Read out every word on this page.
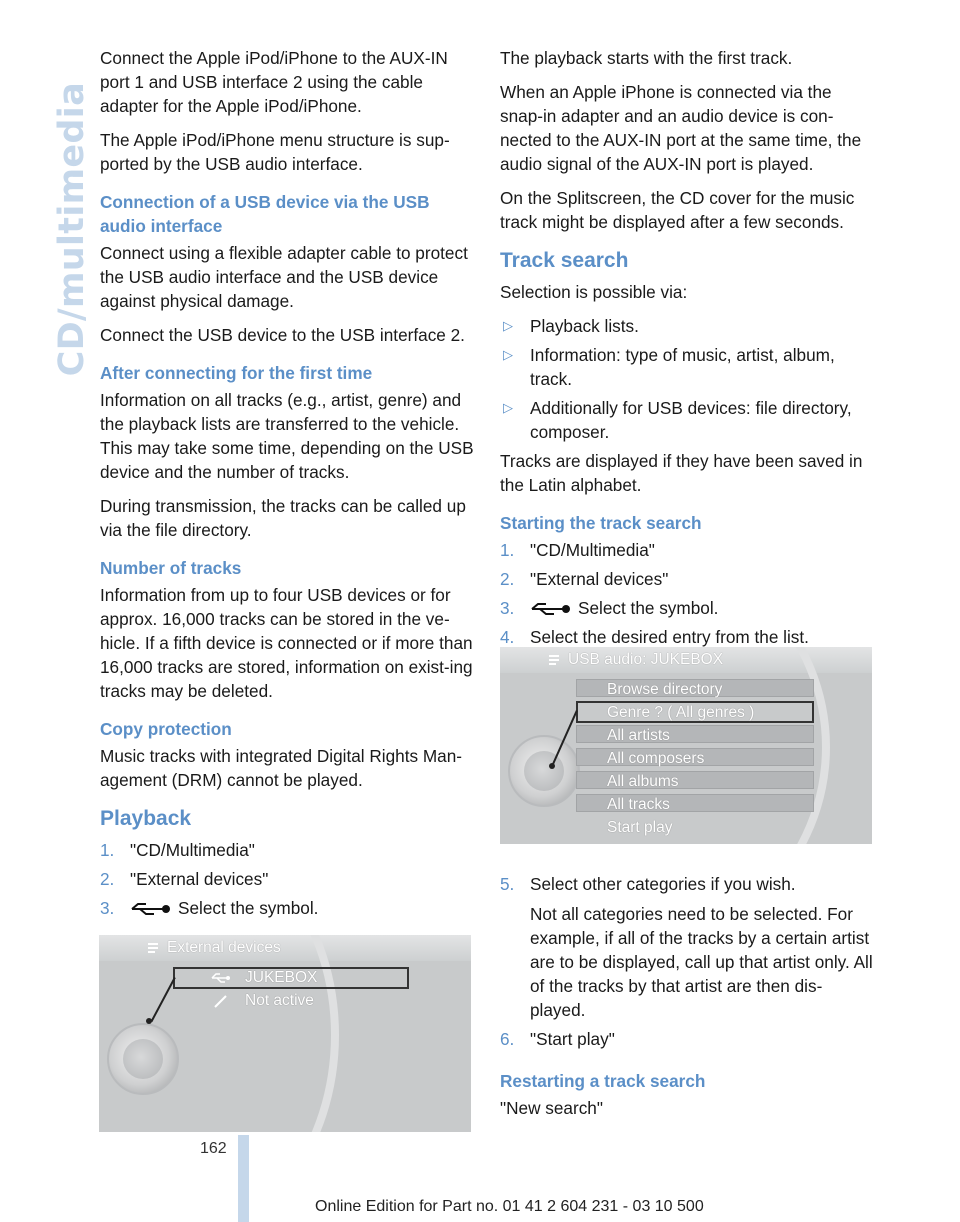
CD/multimedia
Connect the Apple iPod/iPhone to the AUX-IN port 1 and USB interface 2 using the cable adapter for the Apple iPod/iPhone.
The Apple iPod/iPhone menu structure is sup-ported by the USB audio interface.
Connection of a USB device via the USB audio interface
Connect using a flexible adapter cable to protect the USB audio interface and the USB device against physical damage.
Connect the USB device to the USB interface 2.
After connecting for the first time
Information on all tracks (e.g., artist, genre) and the playback lists are transferred to the vehicle. This may take some time, depending on the USB device and the number of tracks.
During transmission, the tracks can be called up via the file directory.
Number of tracks
Information from up to four USB devices or for approx. 16,000 tracks can be stored in the ve-hicle. If a fifth device is connected or if more than 16,000 tracks are stored, information on exist-ing tracks may be deleted.
Copy protection
Music tracks with integrated Digital Rights Man-agement (DRM) cannot be played.
Playback
1. "CD/Multimedia"
2. "External devices"
3.	Select the symbol.
External devices
JUKEBOX
Not active
The playback starts with the first track.
When an Apple iPhone is connected via the snap-in adapter and an audio device is con-nected to the AUX-IN port at the same time, the audio signal of the AUX-IN port is played.
On the Splitscreen, the CD cover for the music track might be displayed after a few seconds.
Track search
Selection is possible via:
▷ Playback lists.
▷ Information: type of music, artist, album, track.
▷ Additionally for USB devices: file directory, composer.
Tracks are displayed if they have been saved in the Latin alphabet.
Starting the track search
1. "CD/Multimedia"
2. "External devices"
3.	Select the symbol.
4. Select the desired entry from the list.
5. Select other categories if you wish.
Not all categories need to be selected. For example, if all of the tracks by a certain artist are to be displayed, call up that artist only. All of the tracks by that artist are then dis-played.
6. "Start play"
Restarting a track search
"New search"
USB audio: JUKEBOX
Browse directory
Genre ? ( All genres )
All artists
All composers
All albums
All tracks
Start play
162
Online Edition for Part no. 01 41 2 604 231 - 03 10 500
